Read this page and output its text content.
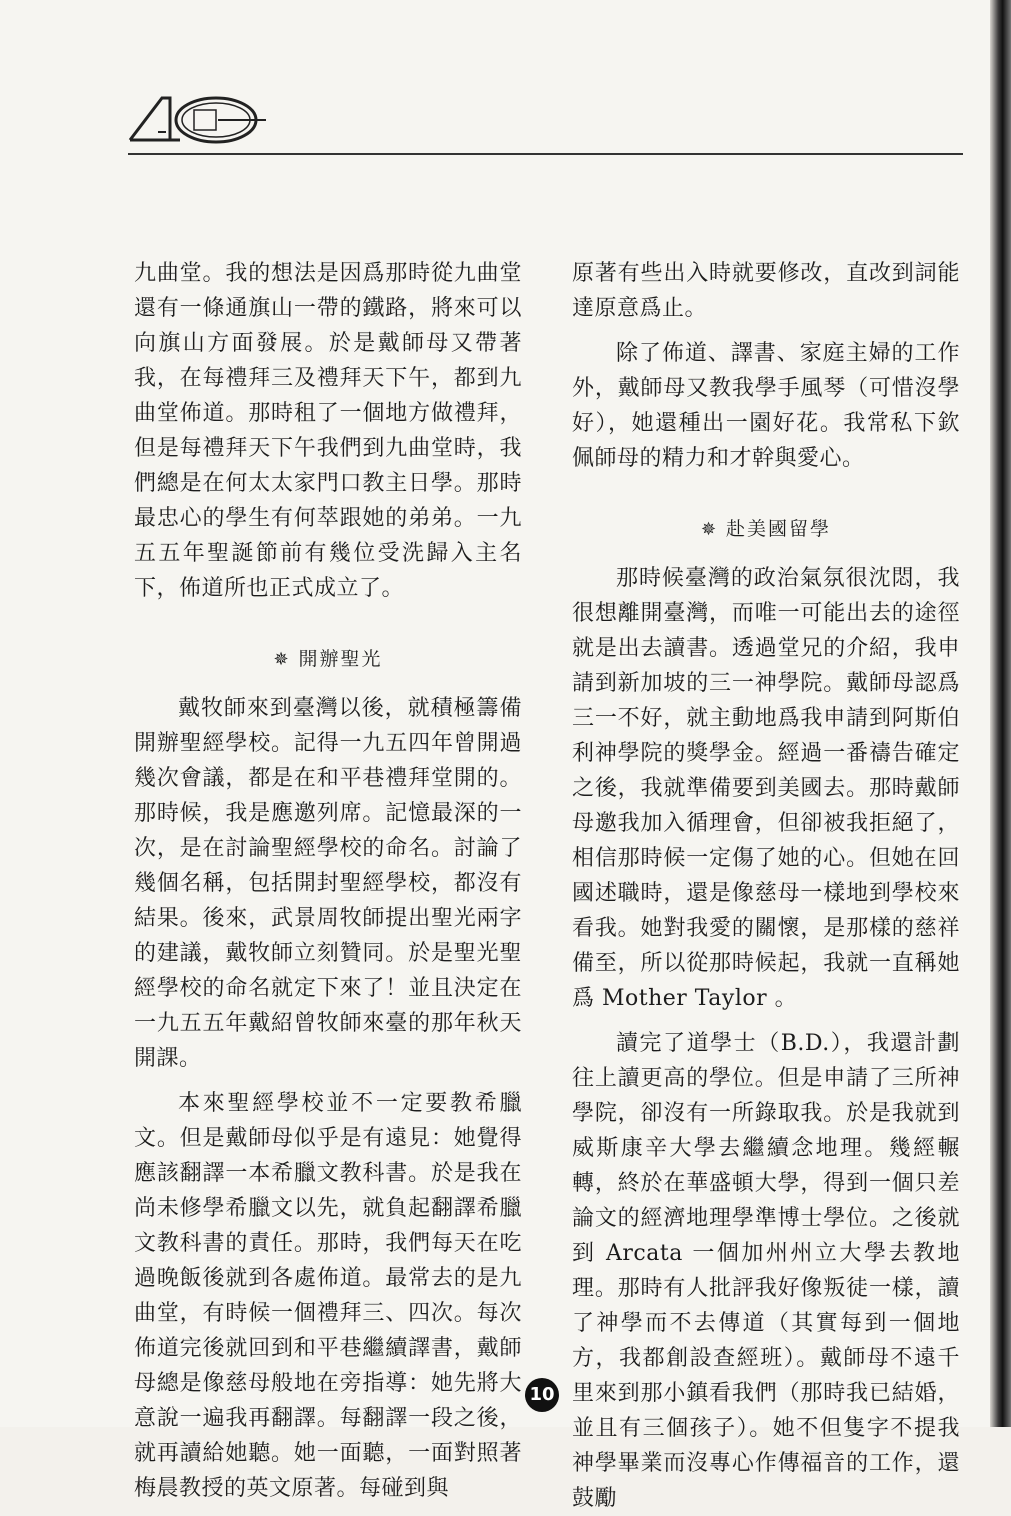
九曲堂。我的想法是因爲那時從九曲堂還有一條通旗山一帶的鐵路，將來可以向旗山方面發展。於是戴師母又帶著我，在每禮拜三及禮拜天下午，都到九曲堂佈道。那時租了一個地方做禮拜，但是每禮拜天下午我們到九曲堂時，我們總是在何太太家門口教主日學。那時最忠心的學生有何萃跟她的弟弟。一九五五年聖誕節前有幾位受洗歸入主名下，佈道所也正式成立了。

✵ 開辦聖光

戴牧師來到臺灣以後，就積極籌備開辦聖經學校。記得一九五四年曾開過幾次會議，都是在和平巷禮拜堂開的。那時候，我是應邀列席。記憶最深的一次，是在討論聖經學校的命名。討論了幾個名稱，包括開封聖經學校，都沒有結果。後來，武景周牧師提出聖光兩字的建議，戴牧師立刻贊同。於是聖光聖經學校的命名就定下來了！並且決定在一九五五年戴紹曾牧師來臺的那年秋天開課。

本來聖經學校並不一定要教希臘文。但是戴師母似乎是有遠見：她覺得應該翻譯一本希臘文教科書。於是我在尚未修學希臘文以先，就負起翻譯希臘文教科書的責任。那時，我們每天在吃過晚飯後就到各處佈道。最常去的是九曲堂，有時候一個禮拜三、四次。每次佈道完後就回到和平巷繼續譯書，戴師母總是像慈母般地在旁指導：她先將大意說一遍我再翻譯。每翻譯一段之後，就再讀給她聽。她一面聽，一面對照著梅晨教授的英文原著。每碰到與

原著有些出入時就要修改，直改到詞能達原意爲止。

除了佈道、譯書、家庭主婦的工作外，戴師母又教我學手風琴（可惜沒學好），她還種出一園好花。我常私下欽佩師母的精力和才幹與愛心。

✵ 赴美國留學

那時候臺灣的政治氣氛很沈悶，我很想離開臺灣，而唯一可能出去的途徑就是出去讀書。透過堂兄的介紹，我申請到新加坡的三一神學院。戴師母認爲三一不好，就主動地爲我申請到阿斯伯利神學院的獎學金。經過一番禱告確定之後，我就準備要到美國去。那時戴師母邀我加入循理會，但卻被我拒絕了，相信那時候一定傷了她的心。但她在回國述職時，還是像慈母一樣地到學校來看我。她對我愛的關懷，是那樣的慈祥備至，所以從那時候起，我就一直稱她爲 Mother Taylor 。

讀完了道學士（B.D.），我還計劃往上讀更高的學位。但是申請了三所神學院，卻沒有一所錄取我。於是我就到威斯康辛大學去繼續念地理。幾經輾轉，終於在華盛頓大學，得到一個只差論文的經濟地理學準博士學位。之後就到 Arcata 一個加州州立大學去教地理。那時有人批評我好像叛徒一樣，讀了神學而不去傳道（其實每到一個地方，我都創設查經班）。戴師母不遠千里來到那小鎮看我們（那時我已結婚，並且有三個孩子）。她不但隻字不提我神學畢業而沒專心作傳福音的工作，還鼓勵

10
